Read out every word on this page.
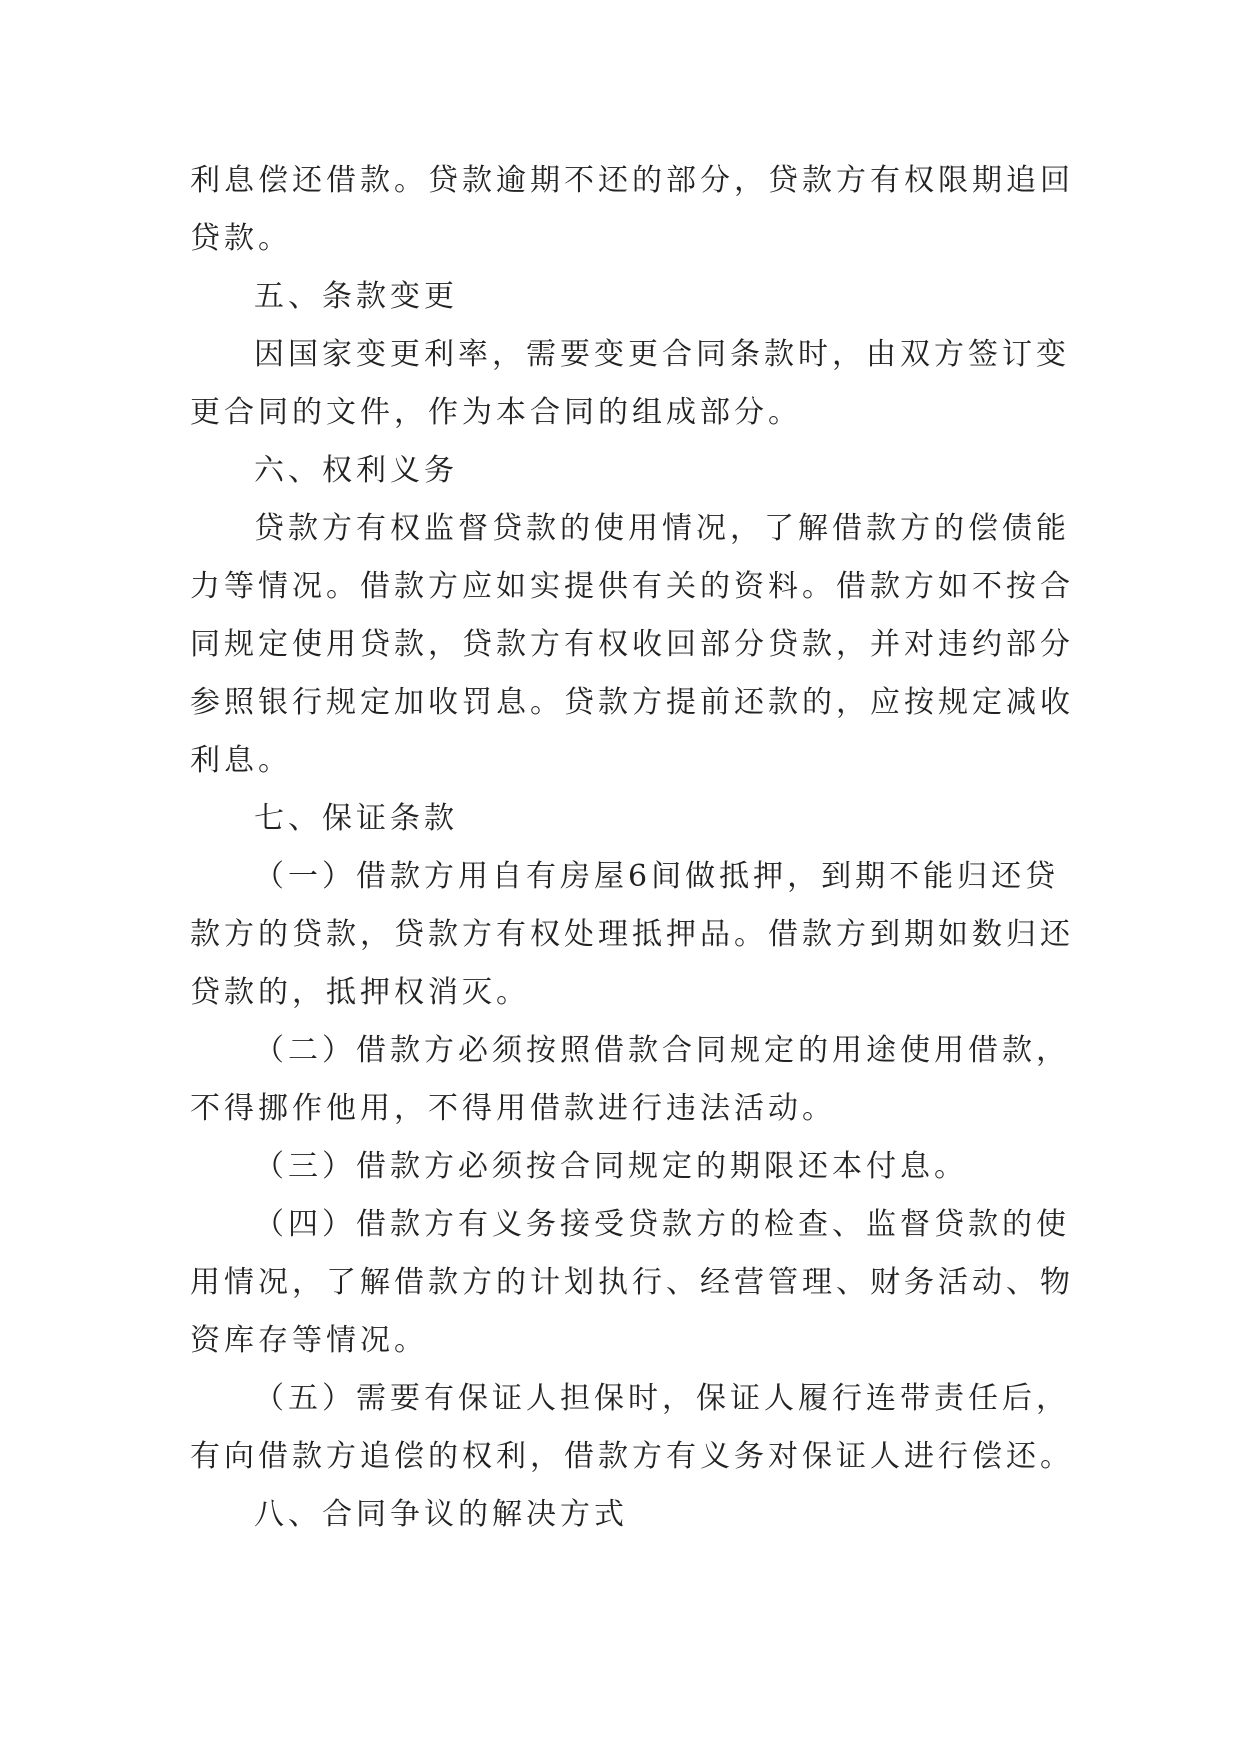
利息偿还借款。贷款逾期不还的部分，贷款方有权限期追回
贷款。
五、条款变更
因国家变更利率，需要变更合同条款时，由双方签订变
更合同的文件，作为本合同的组成部分。
六、权利义务
贷款方有权监督贷款的使用情况，了解借款方的偿债能
力等情况。借款方应如实提供有关的资料。借款方如不按合
同规定使用贷款，贷款方有权收回部分贷款，并对违约部分
参照银行规定加收罚息。贷款方提前还款的，应按规定减收
利息。
七、保证条款
（一）借款方用自有房屋6间做抵押，到期不能归还贷
款方的贷款，贷款方有权处理抵押品。借款方到期如数归还
贷款的，抵押权消灭。
（二）借款方必须按照借款合同规定的用途使用借款，
不得挪作他用，不得用借款进行违法活动。
（三）借款方必须按合同规定的期限还本付息。
（四）借款方有义务接受贷款方的检查、监督贷款的使
用情况，了解借款方的计划执行、经营管理、财务活动、物
资库存等情况。
（五）需要有保证人担保时，保证人履行连带责任后，
有向借款方追偿的权利，借款方有义务对保证人进行偿还。
八、合同争议的解决方式
